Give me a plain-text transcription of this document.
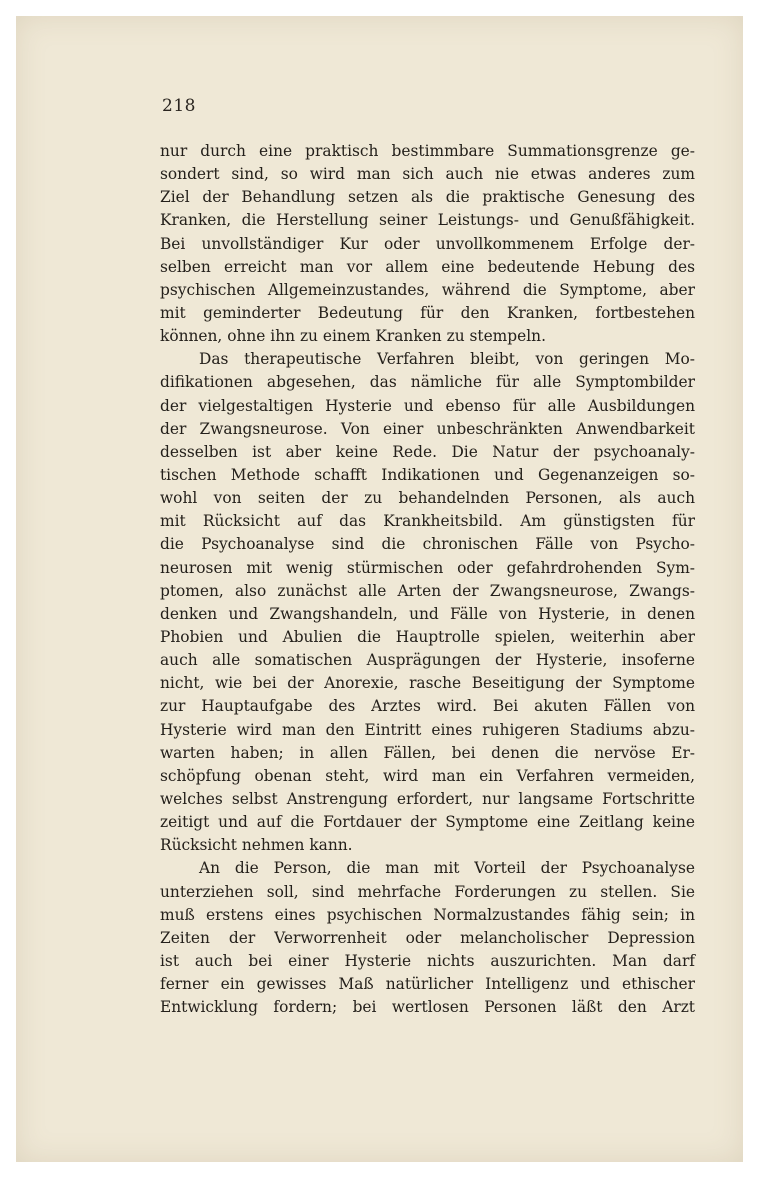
218
nur durch eine praktisch bestimmbare Summationsgrenze ge-
sondert sind, so wird man sich auch nie etwas anderes zum
Ziel der Behandlung setzen als die praktische Genesung des
Kranken, die Herstellung seiner Leistungs- und Genußfähigkeit.
Bei unvollständiger Kur oder unvollkommenem Erfolge der-
selben erreicht man vor allem eine bedeutende Hebung des
psychischen Allgemeinzustandes, während die Symptome, aber
mit geminderter Bedeutung für den Kranken, fortbestehen
können, ohne ihn zu einem Kranken zu stempeln.
Das therapeutische Verfahren bleibt, von geringen Mo-
difikationen abgesehen, das nämliche für alle Symptombilder
der vielgestaltigen Hysterie und ebenso für alle Ausbildungen
der Zwangsneurose. Von einer unbeschränkten Anwendbarkeit
desselben ist aber keine Rede. Die Natur der psychoanaly-
tischen Methode schafft Indikationen und Gegenanzeigen so-
wohl von seiten der zu behandelnden Personen, als auch
mit Rücksicht auf das Krankheitsbild. Am günstigsten für
die Psychoanalyse sind die chronischen Fälle von Psycho-
neurosen mit wenig stürmischen oder gefahrdrohenden Sym-
ptomen, also zunächst alle Arten der Zwangsneurose, Zwangs-
denken und Zwangshandeln, und Fälle von Hysterie, in denen
Phobien und Abulien die Hauptrolle spielen, weiterhin aber
auch alle somatischen Ausprägungen der Hysterie, insoferne
nicht, wie bei der Anorexie, rasche Beseitigung der Symptome
zur Hauptaufgabe des Arztes wird. Bei akuten Fällen von
Hysterie wird man den Eintritt eines ruhigeren Stadiums abzu-
warten haben; in allen Fällen, bei denen die nervöse Er-
schöpfung obenan steht, wird man ein Verfahren vermeiden,
welches selbst Anstrengung erfordert, nur langsame Fortschritte
zeitigt und auf die Fortdauer der Symptome eine Zeitlang keine
Rücksicht nehmen kann.
An die Person, die man mit Vorteil der Psychoanalyse
unterziehen soll, sind mehrfache Forderungen zu stellen. Sie
muß erstens eines psychischen Normalzustandes fähig sein; in
Zeiten der Verworrenheit oder melancholischer Depression
ist auch bei einer Hysterie nichts auszurichten. Man darf
ferner ein gewisses Maß natürlicher Intelligenz und ethischer
Entwicklung fordern; bei wertlosen Personen läßt den Arzt
